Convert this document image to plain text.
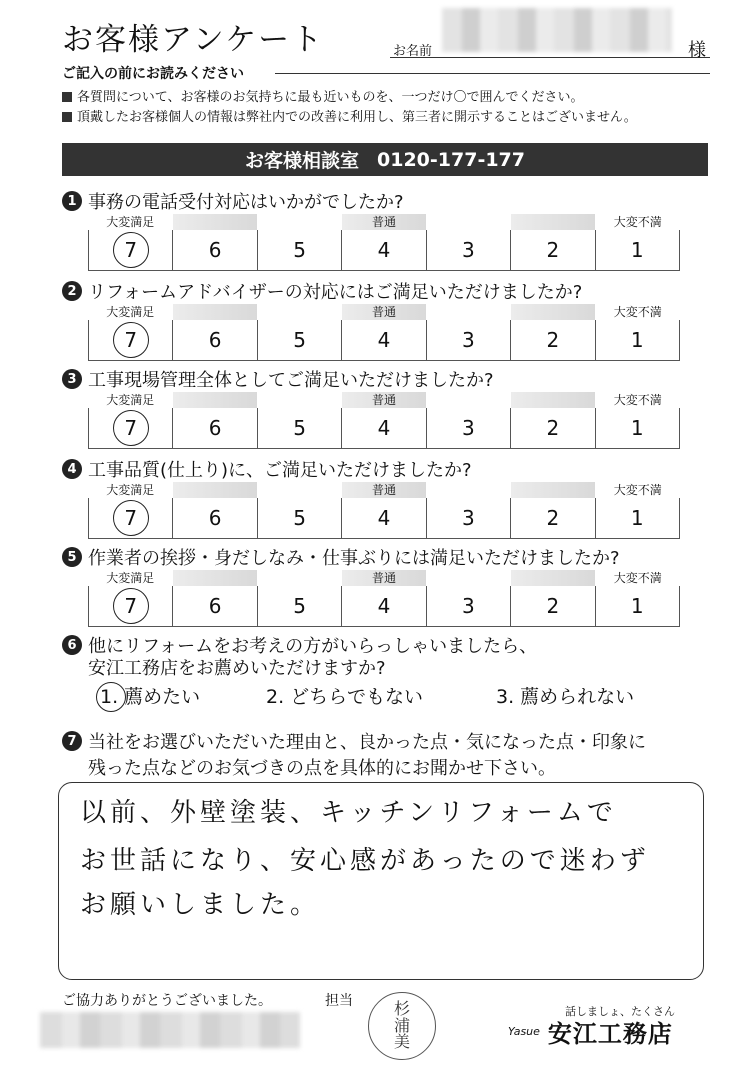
お客様アンケート	お名前	様
ご記入の前にお読みください
各質問について、お客様のお気持ちに最も近いものを、一つだけ〇で囲んでください。
頂戴したお客様個人の情報は弊社内での改善に利用し、第三者に開示することはございません。
お客様相談室 0120-177-177
1 事務の電話受付対応はいかがでしたか?
大変満足	普通	大変不満
7	6	5	4	3	2	1
2 リフォームアドバイザーの対応にはご満足いただけましたか?
大変満足	普通	大変不満
7	6	5	4	3	2	1
3 工事現場管理全体としてご満足いただけましたか?
大変満足	普通	大変不満
7	6	5	4	3	2	1
4 工事品質(仕上り)に、ご満足いただけましたか?
大変満足	普通	大変不満
7	6	5	4	3	2	1
5 作業者の挨拶・身だしなみ・仕事ぶりには満足いただけましたか?
大変満足	普通	大変不満
7	6	5	4	3	2	1
6 他にリフォームをお考えの方がいらっしゃいましたら、
安江工務店をお薦めいただけますか?
1. 薦めたい	2. どちらでもない	3. 薦められない
7 当社をお選びいただいた理由と、良かった点・気になった点・印象に
残った点などのお気づきの点を具体的にお聞かせ下さい。
以前、外壁塗装、キッチンリフォームで
お世話になり、安心感があったので迷わず
お願いしました。
ご協力ありがとうございました。	担当	杉
浦
美
話しましょ、たくさん
Yasue 安江工務店
